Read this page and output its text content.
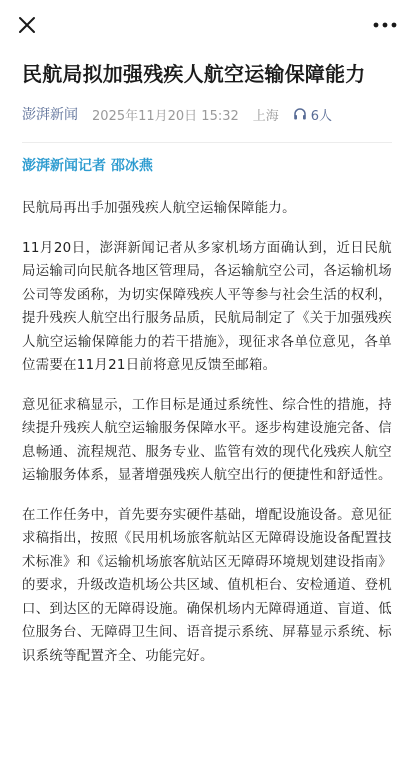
民航局拟加强残疾人航空运输保障能力
澎湃新闻 2025年11月20日 15:32 上海 6人
澎湃新闻记者 邵冰燕

民航局再出手加强残疾人航空运输保障能力。

11月20日，澎湃新闻记者从多家机场方面确认到，近日民航局运输司向民航各地区管理局，各运输航空公司，各运输机场公司等发函称，为切实保障残疾人平等参与社会生活的权利，提升残疾人航空出行服务品质，民航局制定了《关于加强残疾人航空运输保障能力的若干措施》，现征求各单位意见，各单位需要在11月21日前将意见反馈至邮箱。

意见征求稿显示，工作目标是通过系统性、综合性的措施，持续提升残疾人航空运输服务保障水平。逐步构建设施完备、信息畅通、流程规范、服务专业、监管有效的现代化残疾人航空运输服务体系，显著增强残疾人航空出行的便捷性和舒适性。

在工作任务中，首先要夯实硬件基础，增配设施设备。意见征求稿指出，按照《民用机场旅客航站区无障碍设施设备配置技术标准》和《运输机场旅客航站区无障碍环境规划建设指南》的要求，升级改造机场公共区域、值机柜台、安检通道、登机口、到达区的无障碍设施。确保机场内无障碍通道、盲道、低位服务台、无障碍卫生间、语音提示系统、屏幕显示系统、标识系统等配置齐全、功能完好。
